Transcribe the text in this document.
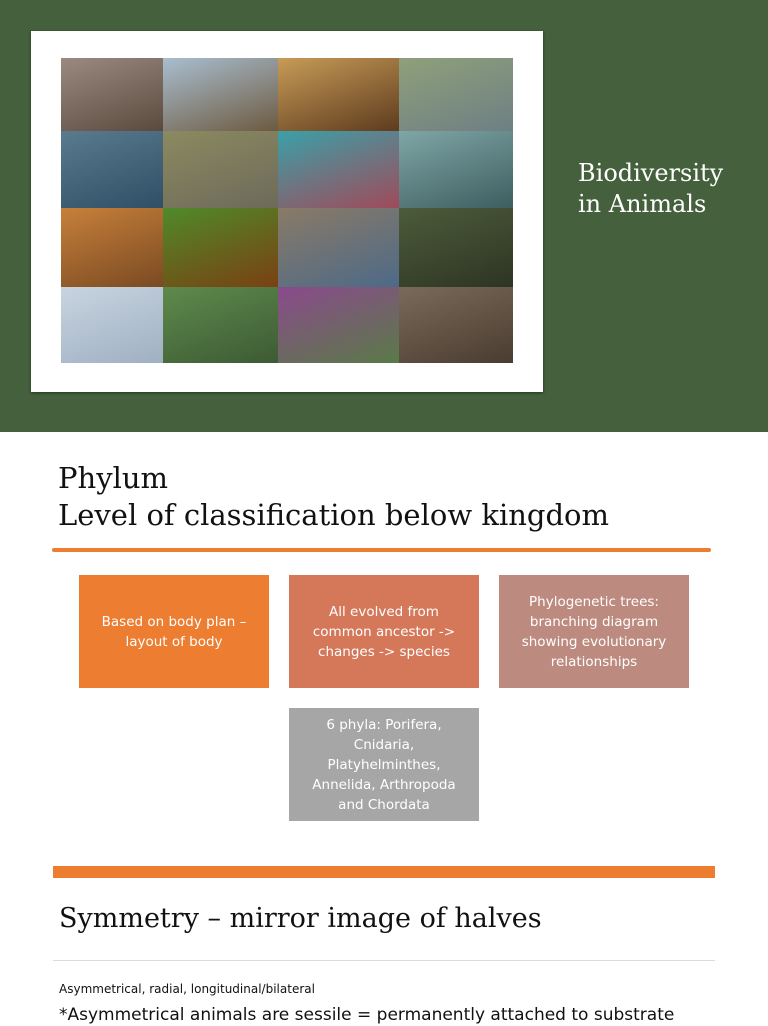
Biodiversity
in Animals
Phylum
Level of classification below kingdom
Based on body plan –
layout of body
All evolved from
common ancestor ->
changes -> species
Phylogenetic trees:
branching diagram
showing evolutionary
relationships
6 phyla: Porifera,
Cnidaria,
Platyhelminthes,
Annelida, Arthropoda
and Chordata
Symmetry – mirror image of halves
Asymmetrical, radial, longitudinal/bilateral
*Asymmetrical animals are sessile = permanently attached to substrate
